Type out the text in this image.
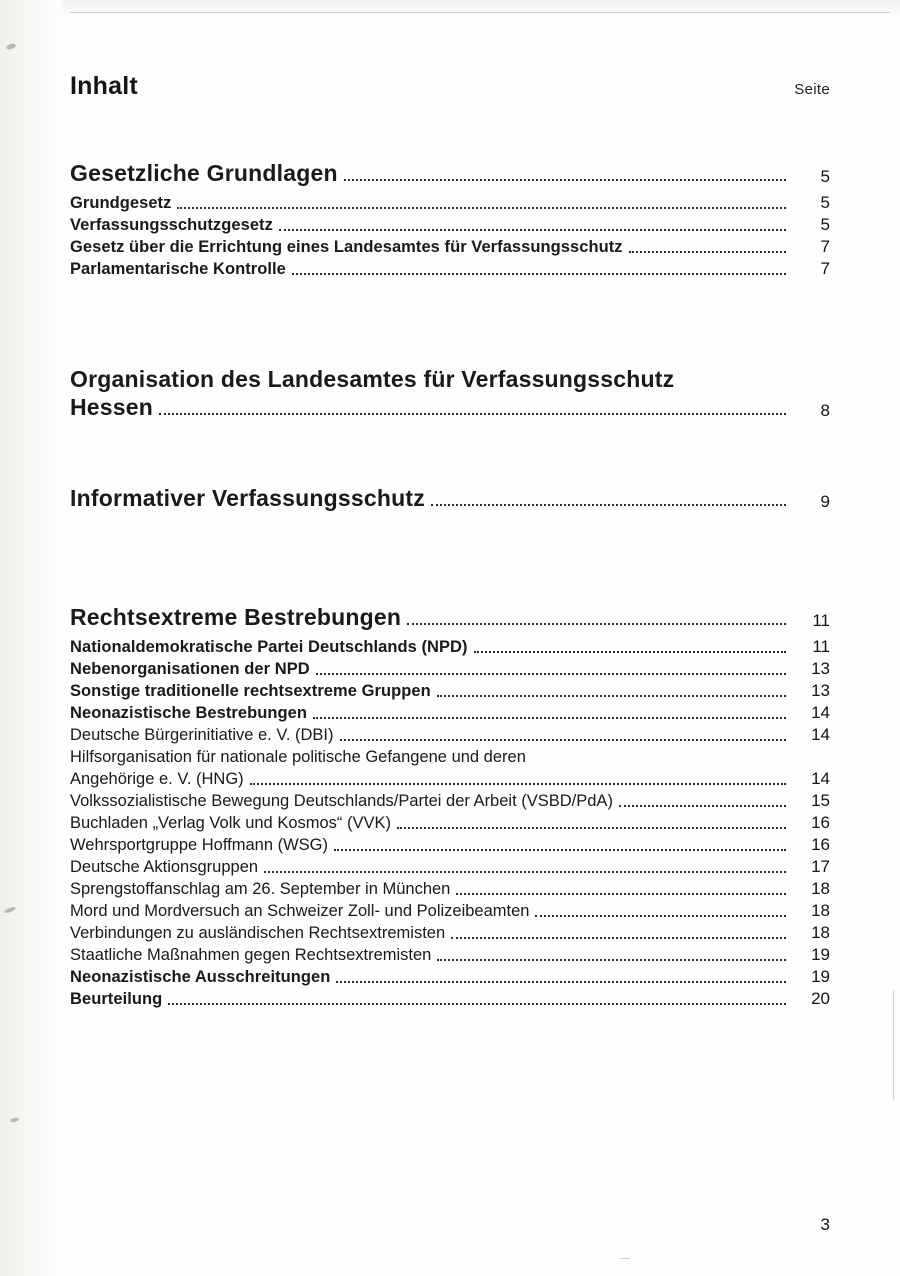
Inhalt	Seite
Gesetzliche Grundlagen	5
Grundgesetz	5
Verfassungsschutzgesetz	5
Gesetz über die Errichtung eines Landesamtes für Verfassungsschutz	7
Parlamentarische Kontrolle	7
Organisation des Landesamtes für Verfassungsschutz
Hessen	8
Informativer Verfassungsschutz	9
Rechtsextreme Bestrebungen	11
Nationaldemokratische Partei Deutschlands (NPD)	11
Nebenorganisationen der NPD	13
Sonstige traditionelle rechtsextreme Gruppen	13
Neonazistische Bestrebungen	14
Deutsche Bürgerinitiative e. V. (DBI)	14
Hilfsorganisation für nationale politische Gefangene und deren
Angehörige e. V. (HNG)	14
Volkssozialistische Bewegung Deutschlands/Partei der Arbeit (VSBD/PdA)	15
Buchladen „Verlag Volk und Kosmos“ (VVK)	16
Wehrsportgruppe Hoffmann (WSG)	16
Deutsche Aktionsgruppen	17
Sprengstoffanschlag am 26. September in München	18
Mord und Mordversuch an Schweizer Zoll- und Polizeibeamten	18
Verbindungen zu ausländischen Rechtsextremisten	18
Staatliche Maßnahmen gegen Rechtsextremisten	19
Neonazistische Ausschreitungen	19
Beurteilung	20
3
